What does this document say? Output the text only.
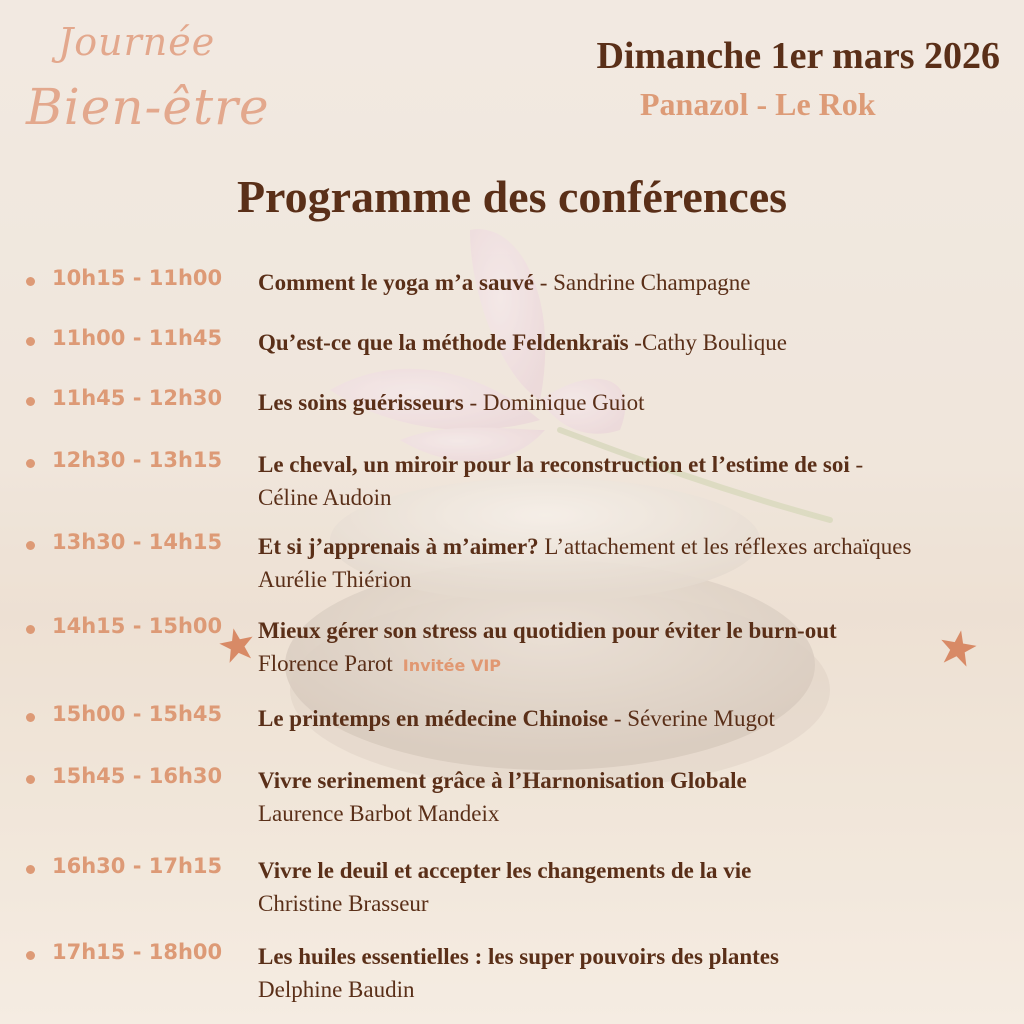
Journée
Bien-être
Dimanche 1er mars 2026
Panazol - Le Rok
Programme des conférences
10h15 - 11h00 Comment le yoga m’a sauvé - Sandrine Champagne
11h00 - 11h45 Qu’est-ce que la méthode Feldenkraïs -Cathy Boulique
11h45 - 12h30 Les soins guérisseurs - Dominique Guiot
12h30 - 13h15 Le cheval, un miroir pour la reconstruction et l’estime de soi -
Céline Audoin
13h30 - 14h15 Et si j’apprenais à m’aimer? L’attachement et les réflexes archaïques
Aurélie Thiérion
14h15 - 15h00 Mieux gérer son stress au quotidien pour éviter le burn-out
Florence Parot Invitée VIP
15h00 - 15h45 Le printemps en médecine Chinoise - Séverine Mugot
15h45 - 16h30 Vivre serinement grâce à l’Harnonisation Globale
Laurence Barbot Mandeix
16h30 - 17h15 Vivre le deuil et accepter les changements de la vie
Christine Brasseur
17h15 - 18h00 Les huiles essentielles : les super pouvoirs des plantes
Delphine Baudin
